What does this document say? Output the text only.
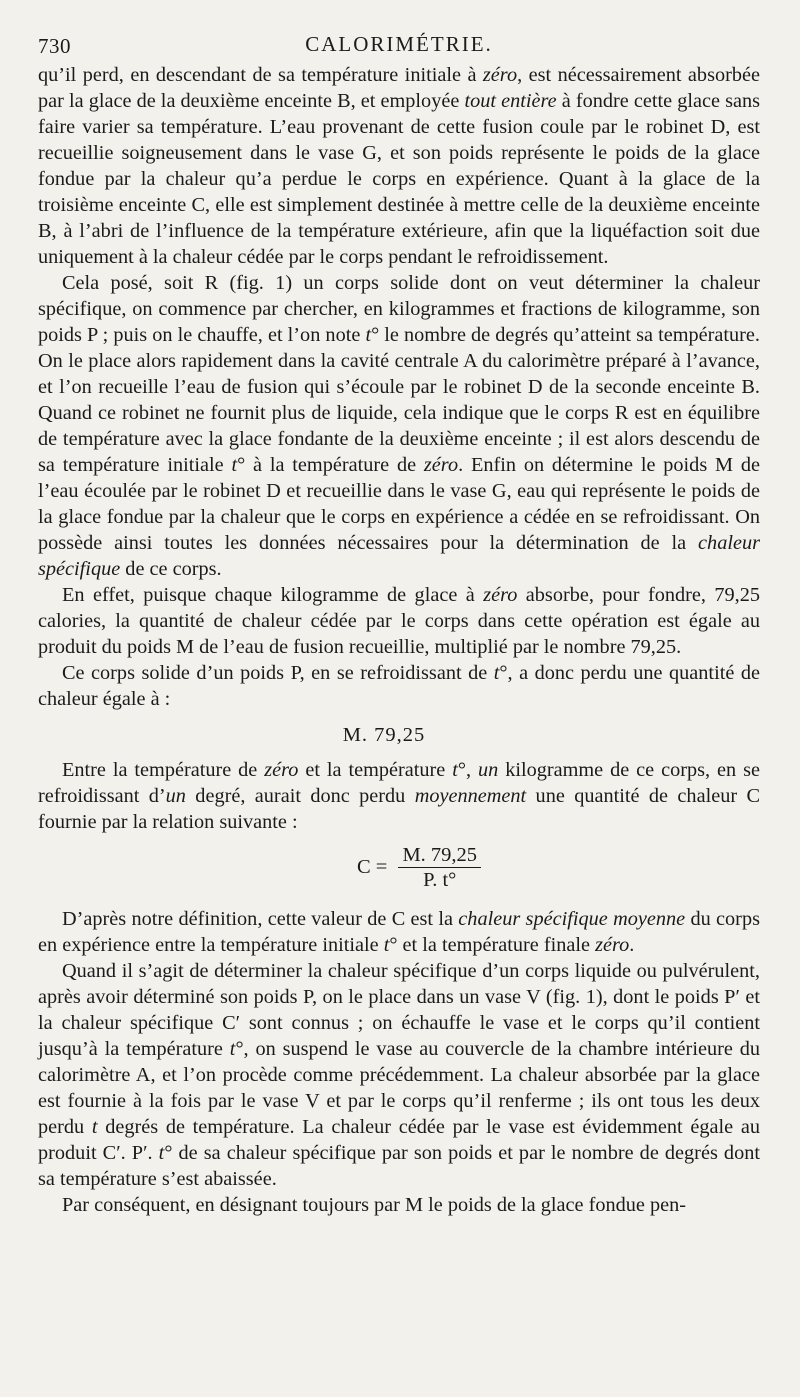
730	CALORIMÉTRIE.

qu’il perd, en descendant de sa température initiale à zéro, est nécessairement absorbée par la glace de la deuxième enceinte B, et employée tout entière à fondre cette glace sans faire varier sa température. L’eau provenant de cette fusion coule par le robinet D, est recueillie soigneusement dans le vase G, et son poids représente le poids de la glace fondue par la chaleur qu’a perdue le corps en expérience. Quant à la glace de la troisième enceinte C, elle est simplement destinée à mettre celle de la deuxième enceinte B, à l’abri de l’influence de la température extérieure, afin que la liquéfaction soit due uniquement à la chaleur cédée par le corps pendant le refroidissement.

Cela posé, soit R (fig. 1) un corps solide dont on veut déterminer la chaleur spécifique, on commence par chercher, en kilogrammes et fractions de kilogramme, son poids P ; puis on le chauffe, et l’on note t° le nombre de degrés qu’atteint sa température. On le place alors rapidement dans la cavité centrale A du calorimètre préparé à l’avance, et l’on recueille l’eau de fusion qui s’écoule par le robinet D de la seconde enceinte B. Quand ce robinet ne fournit plus de liquide, cela indique que le corps R est en équilibre de température avec la glace fondante de la deuxième enceinte ; il est alors descendu de sa température initiale t° à la température de zéro. Enfin on détermine le poids M de l’eau écoulée par le robinet D et recueillie dans le vase G, eau qui représente le poids de la glace fondue par la chaleur que le corps en expérience a cédée en se refroidissant. On possède ainsi toutes les données nécessaires pour la détermination de la chaleur spécifique de ce corps.

En effet, puisque chaque kilogramme de glace à zéro absorbe, pour fondre, 79,25 calories, la quantité de chaleur cédée par le corps dans cette opération est égale au produit du poids M de l’eau de fusion recueillie, multiplié par le nombre 79,25.

Ce corps solide d’un poids P, en se refroidissant de t°, a donc perdu une quantité de chaleur égale à :

M. 79,25

Entre la température de zéro et la température t°, un kilogramme de ce corps, en se refroidissant d’un degré, aurait donc perdu moyennement une quantité de chaleur C fournie par la relation suivante :

$C = \frac{M. 79,25}{P. t^\circ}$

D’après notre définition, cette valeur de C est la chaleur spécifique moyenne du corps en expérience entre la température initiale t° et la température finale zéro.

Quand il s’agit de déterminer la chaleur spécifique d’un corps liquide ou pulvérulent, après avoir déterminé son poids P, on le place dans un vase V (fig. 1), dont le poids P′ et la chaleur spécifique C′ sont connus ; on échauffe le vase et le corps qu’il contient jusqu’à la température t°, on suspend le vase au couvercle de la chambre intérieure du calorimètre A, et l’on procède comme précédemment. La chaleur absorbée par la glace est fournie à la fois par le vase V et par le corps qu’il renferme ; ils ont tous les deux perdu t degrés de température. La chaleur cédée par le vase est évidemment égale au produit C′. P′. t° de sa chaleur spécifique par son poids et par le nombre de degrés dont sa température s’est abaissée.

Par conséquent, en désignant toujours par M le poids de la glace fondue pen-
